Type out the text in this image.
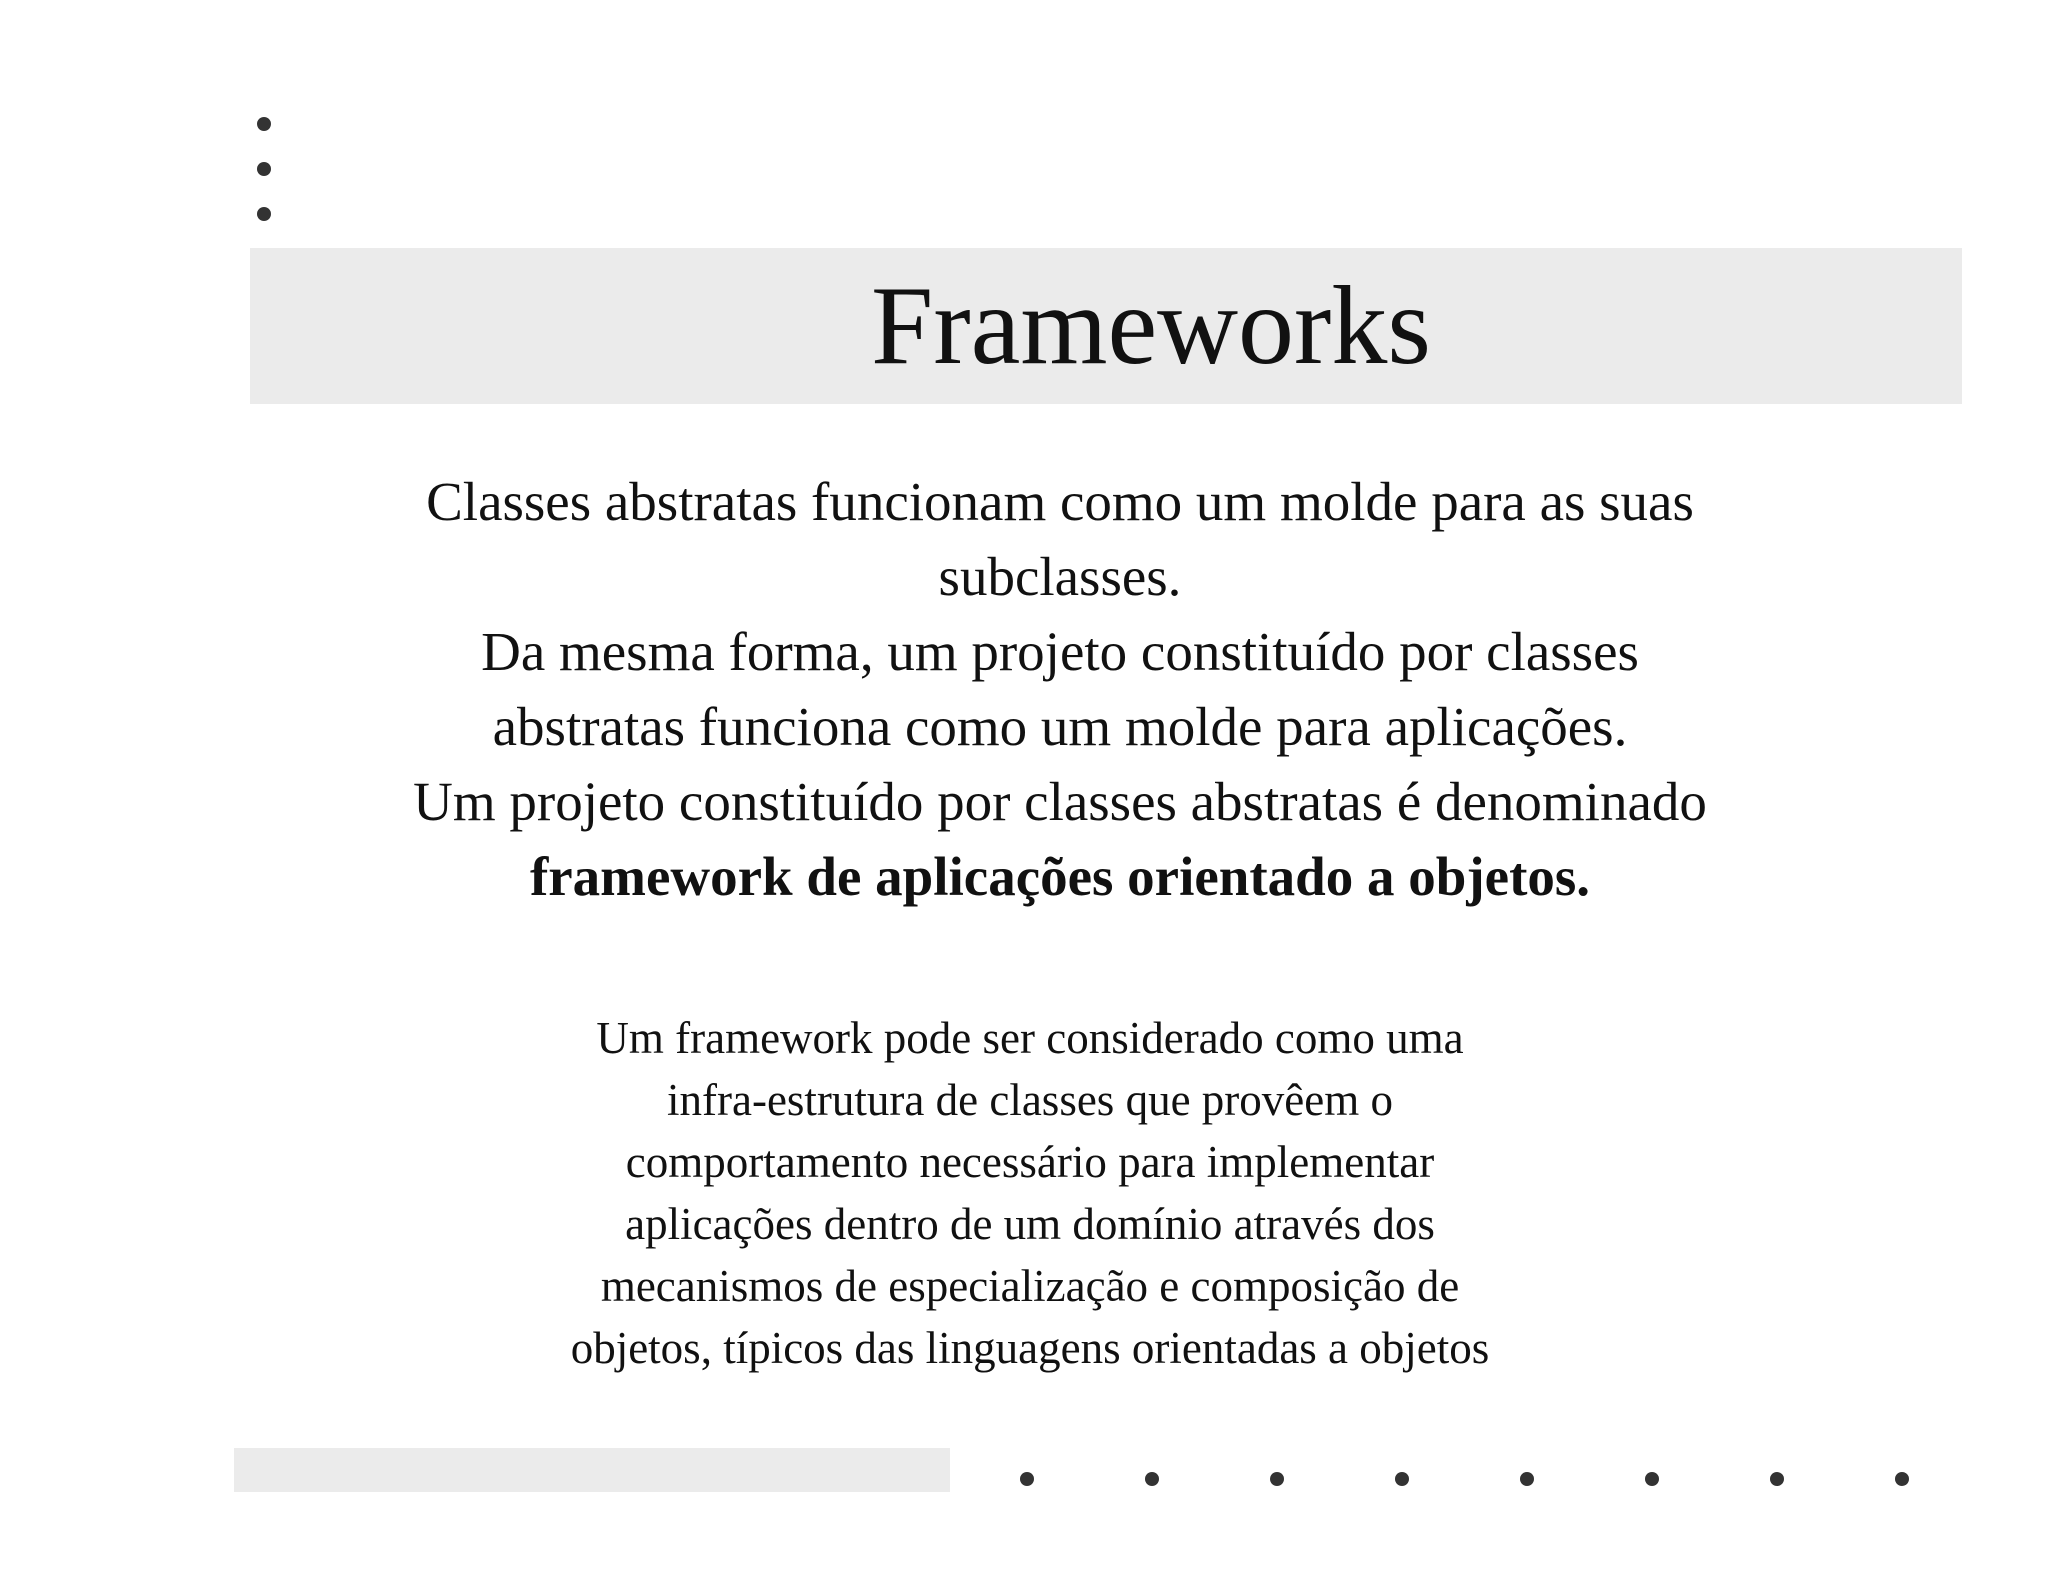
Frameworks
Classes abstratas funcionam como um molde para as suas
subclasses.
Da mesma forma, um projeto constituído por classes
abstratas funciona como um molde para aplicações.
Um projeto constituído por classes abstratas é denominado
framework de aplicações orientado a objetos.
Um framework pode ser considerado como uma
infra-estrutura de classes que provêem o
comportamento necessário para implementar
aplicações dentro de um domínio através dos
mecanismos de especialização e composição de
objetos, típicos das linguagens orientadas a objetos
